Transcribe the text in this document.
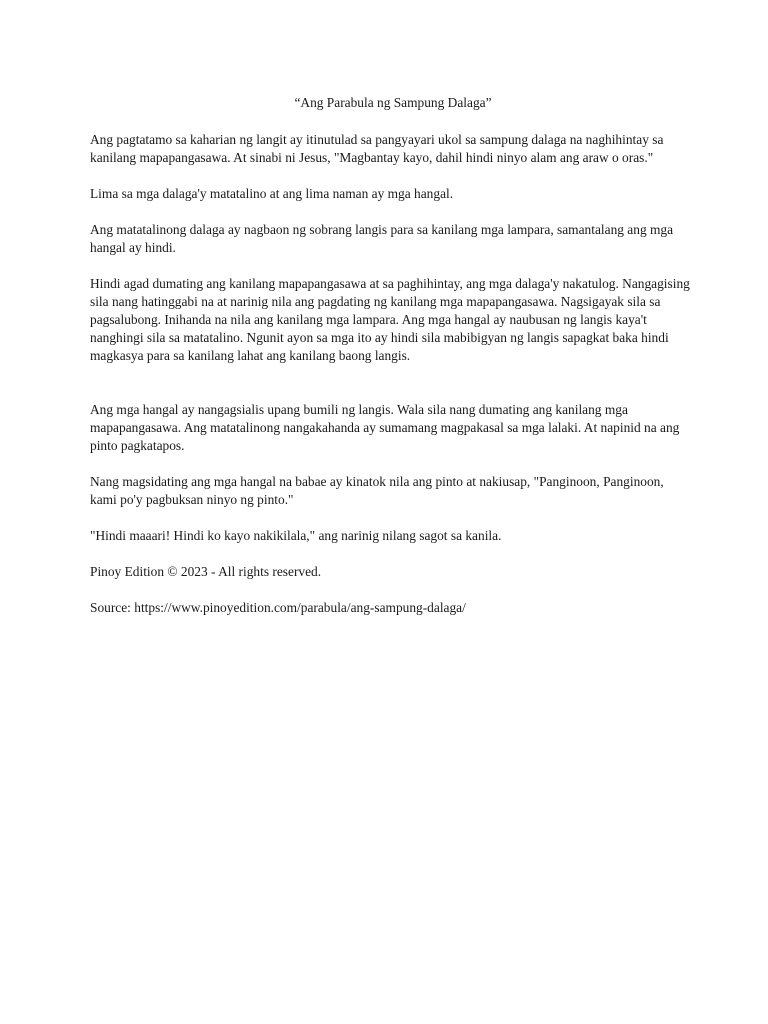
“Ang Parabula ng Sampung Dalaga”

Ang pagtatamo sa kaharian ng langit ay itinutulad sa pangyayari ukol sa sampung dalaga na naghihintay sa kanilang mapapangasawa. At sinabi ni Jesus, "Magbantay kayo, dahil hindi ninyo alam ang araw o oras."

Lima sa mga dalaga'y matatalino at ang lima naman ay mga hangal.

Ang matatalinong dalaga ay nagbaon ng sobrang langis para sa kanilang mga lampara, samantalang ang mga hangal ay hindi.

Hindi agad dumating ang kanilang mapapangasawa at sa paghihintay, ang mga dalaga'y nakatulog. Nangagising sila nang hatinggabi na at narinig nila ang pagdating ng kanilang mga mapapangasawa. Nagsigayak sila sa pagsalubong. Inihanda na nila ang kanilang mga lampara. Ang mga hangal ay naubusan ng langis kaya't nanghingi sila sa matatalino. Ngunit ayon sa mga ito ay hindi sila mabibigyan ng langis sapagkat baka hindi magkasya para sa kanilang lahat ang kanilang baong langis.

Ang mga hangal ay nangagsialis upang bumili ng langis. Wala sila nang dumating ang kanilang mga mapapangasawa. Ang matatalinong nangakahanda ay sumamang magpakasal sa mga lalaki. At napinid na ang pinto pagkatapos.

Nang magsidating ang mga hangal na babae ay kinatok nila ang pinto at nakiusap, "Panginoon, Panginoon, kami po'y pagbuksan ninyo ng pinto."

"Hindi maaari! Hindi ko kayo nakikilala," ang narinig nilang sagot sa kanila.

Pinoy Edition © 2023 - All rights reserved.

Source: https://www.pinoyedition.com/parabula/ang-sampung-dalaga/
